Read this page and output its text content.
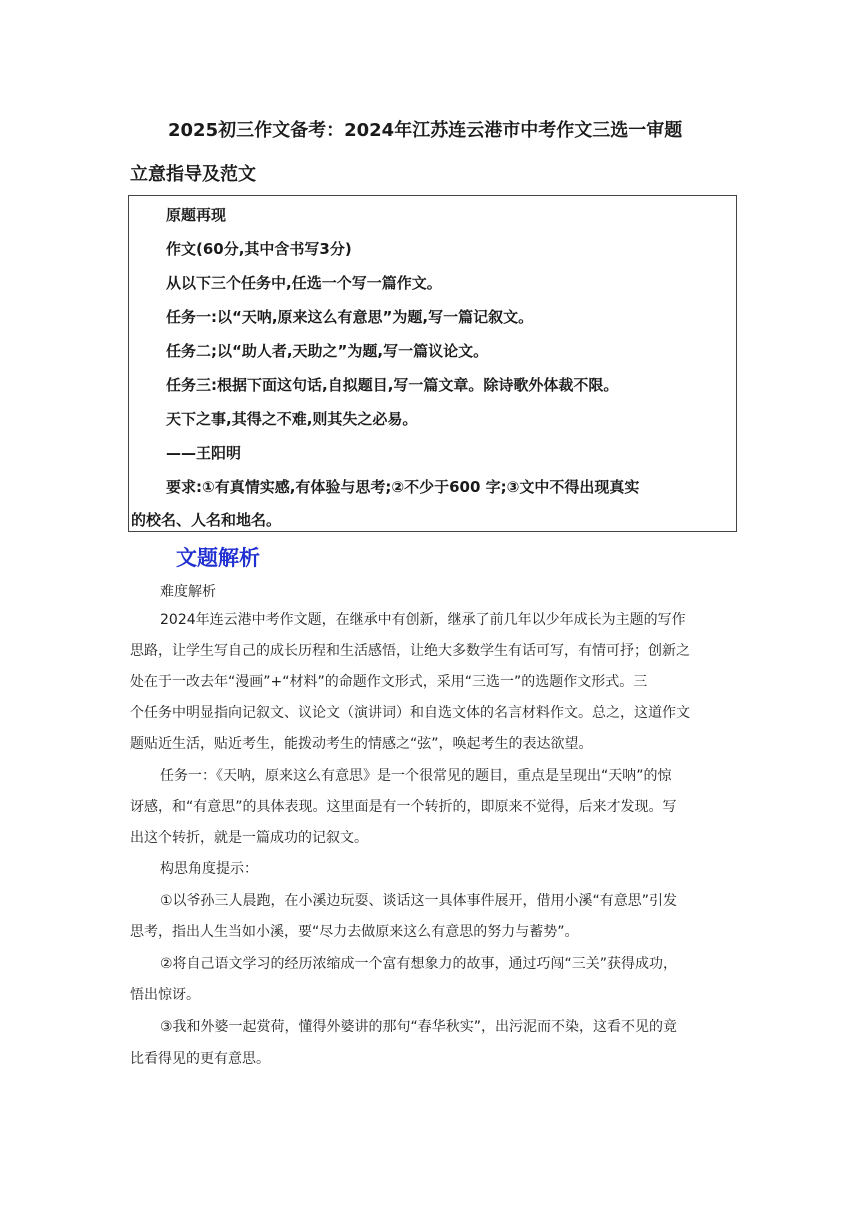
2025初三作文备考：2024年江苏连云港市中考作文三选一审题
立意指导及范文
原题再现
作文(60分,其中含书写3分)
从以下三个任务中,任选一个写一篇作文。
任务一:以“天呐,原来这么有意思”为题,写一篇记叙文。
任务二;以“助人者,天助之”为题,写一篇议论文。
任务三:根据下面这句话,自拟题目,写一篇文章。除诗歌外体裁不限。
天下之事,其得之不难,则其失之必易。
——王阳明
要求:①有真情实感,有体验与思考;②不少于600 字;③文中不得出现真实
的校名、人名和地名。
文题解析
难度解析
2024年连云港中考作文题，在继承中有创新，继承了前几年以少年成长为主题的写作
思路，让学生写自己的成长历程和生活感悟，让绝大多数学生有话可写，有情可抒；创新之
处在于一改去年“漫画”+“材料”的命题作文形式，采用“三选一”的选题作文形式。三
个任务中明显指向记叙文、议论文（演讲词）和自选文体的名言材料作文。总之，这道作文
题贴近生活，贴近考生，能拨动考生的情感之“弦”，唤起考生的表达欲望。
任务一：《天呐，原来这么有意思》是一个很常见的题目，重点是呈现出“天呐”的惊
讶感，和“有意思”的具体表现。这里面是有一个转折的，即原来不觉得，后来才发现。写
出这个转折，就是一篇成功的记叙文。
构思角度提示：
①以爷孙三人晨跑，在小溪边玩耍、谈话这一具体事件展开，借用小溪“有意思”引发
思考，指出人生当如小溪，要“尽力去做原来这么有意思的努力与蓄势”。
②将自己语文学习的经历浓缩成一个富有想象力的故事，通过巧闯“三关”获得成功，
悟出惊讶。
③我和外婆一起赏荷，懂得外婆讲的那句“春华秋实”，出污泥而不染，这看不见的竟
比看得见的更有意思。
